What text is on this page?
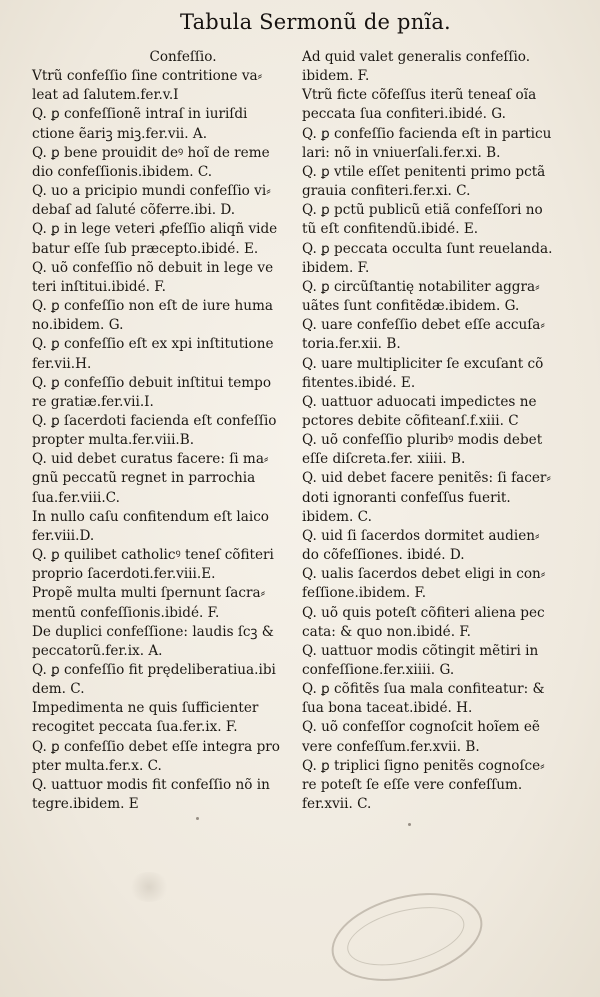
Tabula Sermonũ de pnĩa.
Confeſſio.
Vtrũ confeſſio ſine contritione va⸗
leat ad ſalutem.fer.v.I
Q. ꝑ confeſſionẽ intraſ in iuriſdi
ctione ẽariꝫ miꝫ.fer.vii. A.
Q. ꝑ bene prouidit deꝰ hoĩ de reme
dio confeſſionis.ibidem. C.
Q. uo a pricipio mundi confeſſio vi⸗
debaſ ad ſaluté cõferre.ibi. D.
Q. ꝑ in lege veteri ꝓfeſſio aliqñ vide
batur eſſe ſub præcepto.ibidé. E.
Q. uõ confeſſio nõ debuit in lege ve
teri inſtitui.ibidé. F.
Q. ꝑ confeſſio non eſt de iure huma
no.ibidem. G.
Q. ꝑ confeſſio eſt ex xpi inſtitutione
fer.vii.H.
Q. ꝑ confeſſio debuit inſtitui tempo
re gratiæ.fer.vii.I.
Q. ꝑ ſacerdoti facienda eſt confeſſio
propter multa.fer.viii.B.
Q. uid debet curatus facere: ſi ma⸗
gnũ peccatũ regnet in parrochia
ſua.fer.viii.C.
In nullo caſu confitendum eſt laico
fer.viii.D.
Q. ꝑ quilibet catholicꝰ teneſ cõfiteri
proprio ſacerdoti.fer.viii.E.
Propẽ multa multi ſpernunt ſacra⸗
mentũ confeſſionis.ibidé. F.
De duplici confeſſione: laudis ſcꝫ &
peccatorũ.fer.ix. A.
Q. ꝑ confeſſio fit prędeliberatiua.ibi
dem. C.
Impedimenta ne quis ſufficienter
recogitet peccata ſua.fer.ix. F.
Q. ꝑ confeſſio debet eſſe integra pro
pter multa.fer.x. C.
Q. uattuor modis fit confeſſio nõ in
tegre.ibidem. E
Ad quid valet generalis confeſſio.
ibidem. F.
Vtrũ ficte cõfeſſus iterũ teneaſ oĩa
peccata ſua confiteri.ibidé. G.
Q. ꝑ confeſſio facienda eſt in particu
lari: nõ in vniuerſali.fer.xi. B.
Q. ꝑ vtile eſſet penitenti primo pctã
grauia confiteri.fer.xi. C.
Q. ꝑ pctũ publicũ etiã confeſſori no
tũ eſt confitendũ.ibidé. E.
Q. ꝑ peccata occulta ſunt reuelanda.
ibidem. F.
Q. ꝑ circũſtantię notabiliter aggra⸗
uãtes ſunt confitẽdæ.ibidem. G.
Q. uare confeſſio debet eſſe accuſa⸗
toria.fer.xii. B.
Q. uare multipliciter ſe excuſant cõ
fitentes.ibidé. E.
Q. uattuor aduocati impedictes ne
pctores debite cõfiteanſ.f.xiii. C
Q. uõ confeſſio pluribꝰ modis debet
eſſe diſcreta.fer. xiiii. B.
Q. uid debet facere penitẽs: ſi facer⸗
doti ignoranti confeſſus fuerit.
ibidem. C.
Q. uid ſi ſacerdos dormitet audien⸗
do cõfeſſiones. ibidé. D.
Q. ualis ſacerdos debet eligi in con⸗
feſſione.ibidem. F.
Q. uõ quis poteſt cõfiteri aliena pec
cata: & quo non.ibidé. F.
Q. uattuor modis cõtingit mẽtiri in
confeſſione.fer.xiiii. G.
Q. ꝑ cõfitẽs ſua mala confiteatur: &
ſua bona taceat.ibidé. H.
Q. uõ confeſſor cognoſcit hoĩem eẽ
vere confeſſum.fer.xvii. B.
Q. ꝑ triplici ſigno penitẽs cognoſce⸗
re poteſt ſe eſſe vere confeſſum.
fer.xvii. C.
